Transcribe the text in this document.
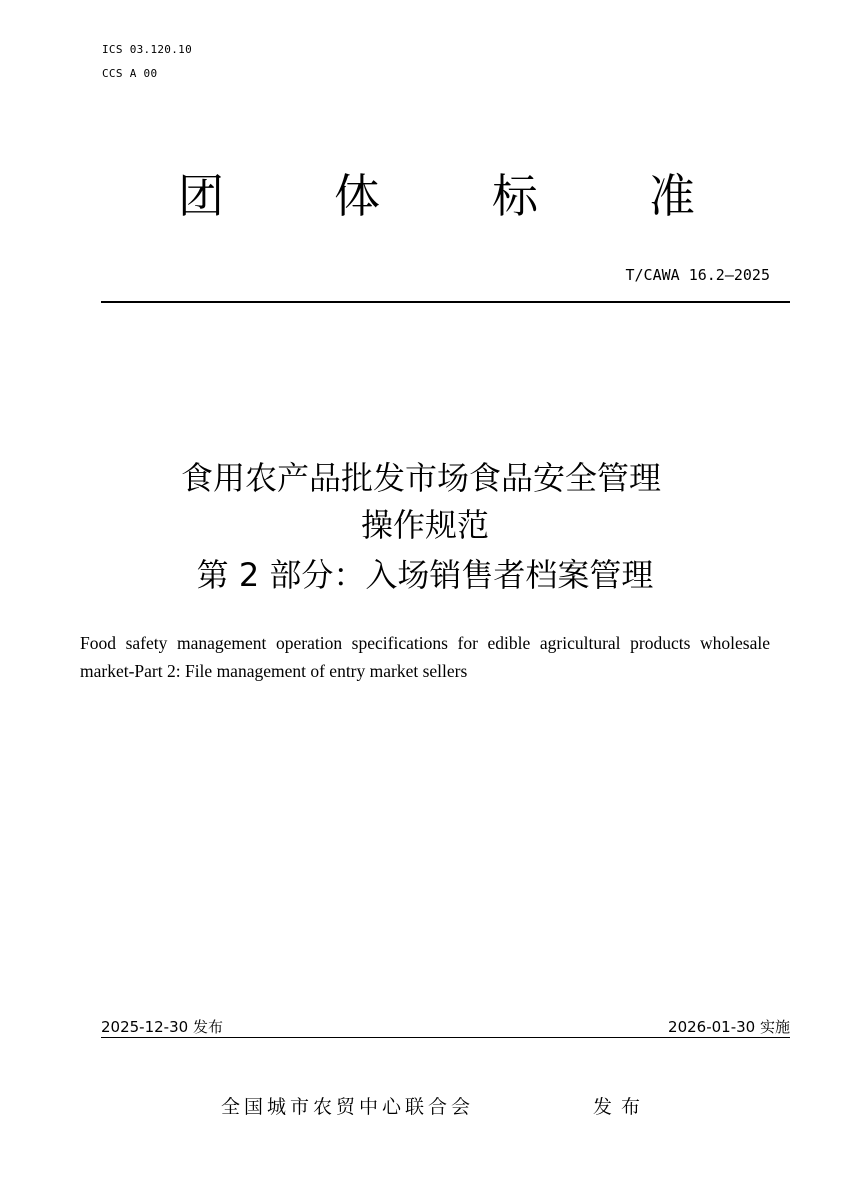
ICS 03.120.10
CCS A 00
团 体 标 准
T/CAWA 16.2—2025
食用农产品批发市场食品安全管理
操作规范
第 2 部分：入场销售者档案管理
Food safety management operation specifications for edible agricultural products wholesale market-Part 2: File management of entry market sellers
2025-12-30 发布	2026-01-30 实施
全国城市农贸中心联合会	发布
